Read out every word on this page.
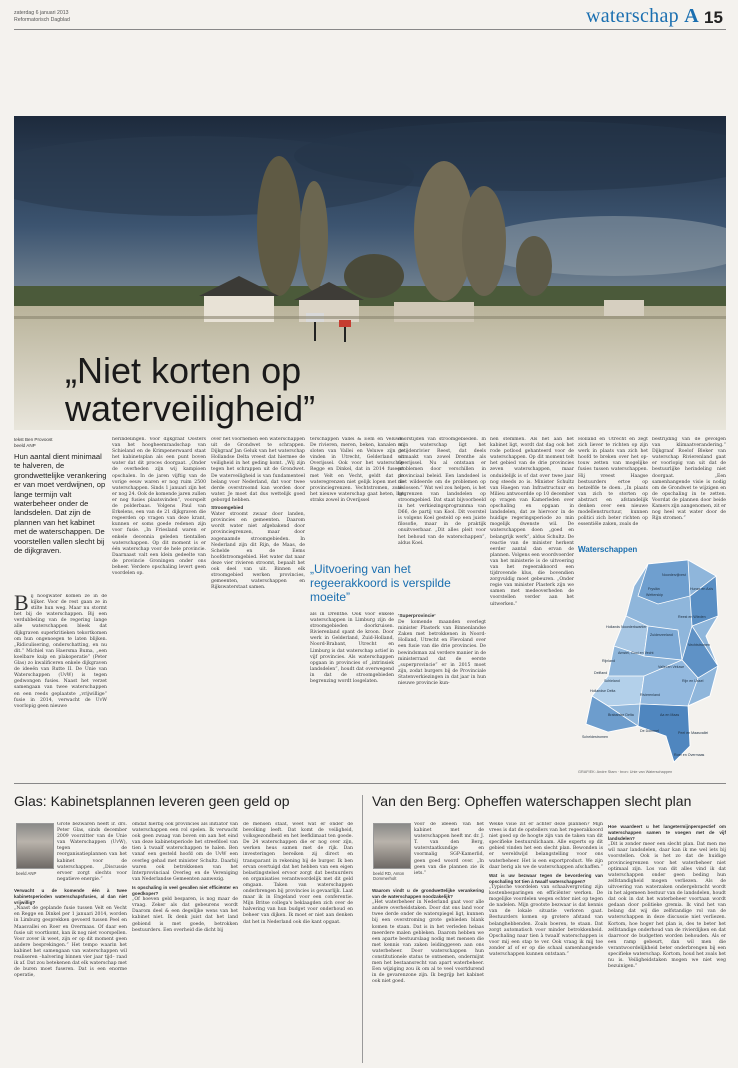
zaterdag 6 januari 2013
Reformatorisch Dagblad	waterschap A 15
„Niet korten op
waterveiligheid”
tekst Ben Provoost
beeld ANP
Hun aantal dient minimaal te halveren, de grondwettelijke verankering er van moet verdwijnen, op lange termijn valt waterbeheer onder de landsdelen. Dat zijn de plannen van het kabinet met de waterschappen. De voorstellen vallen slecht bij de dijkgraven.
Bij hoogwater komen ze in de kijker. Voor de rest gaan ze in stilte hun weg. Maar nu stormt het bij de waterschappen. Bij een verdubbeling van de regering lange alle waterschappen bleek dat dijkgraven superkritieken tekortkomen om hun ongenoegen te laten blijken. „Ridiculisering, onderschatting, en nu dit.” Michiel van Haersma Buma, „een koelbare kuip en plakoperatie” (Peter Glas) zo kwalificeren enkele dijkgraven de ideeën van Rutte II. De Unie van Waterschappen (UvW) is tegen gedwongen fusies. Naast het verzet samengaan van twee waterschappen en een reeds geplaatste „vrijwillige” fusie in 2014, verwacht de UvW voorlopig geen nieuwe
herindelingen. Voor dijkgraaf Oosters van het hoogheemraadschap van Schieland en de Krimpenerwaard staat het kabinetsplan als een punt boven water dat dit proces doorgaat. „Onder de overheden zijn wij kampioen opschalen. In de jaren vijftig van de vorige eeuw waren er nog ruim 2500 waterschappen. Sinds 1 januari zijn het er nog 24. Ook de komende jaren zullen er nog fusies plaatsvinden”, voorspelt de polderbaas. Volgens Paul van Erkelens, een van de 21 dijkgraven die regeerden op vragen van deze krant, kunnen er soms goede redenen zijn voor fusie. „In Friesland waren er enkele decennia geleden tientallen waterschappen. Op dit moment is er één waterschap voor de hele provincie. Daarnaast valt een klein gedeelte van de provincie Groningen onder ons beheer. Verdere opschaling levert geen voordelen op.
over het voornemen een waterschappen uit de Grondwet te schrappen. Dijkgraaf Jan Geluk van het waterschap Hollandse Delta vreest dat hiermee de veiligheid in het geding komt. „Wij zijn tegen het schrappen uit de Grondwet. De waterveiligheid is van fundamenteel belang voor Nederland, dat voor twee derde overstroomd kan worden door water. Je moet dat dus wettelijk goed geborgd hebben.
Stroomgebied
Water stroomt zwaar door landen, provincies en gemeenten. Daarom wordt water niet afgebakend door provinciegrenzen, maar door zogenaamde stroomgebieden. In Nederland zijn dit Rijn, de Maas, de Schelde en de Eems hoofdstroomgebied. Het water dat naar deze vier rivieren stroomt, bepaalt het ook deel van uit. Binnen elk stroomgebied werken provincies, gemeenten, waterschappen en Rijkswaterstaat samen.
terschappen Vallei & Eem en Veluwe. De rivieren, meren, beken, kanalen en sloten van Vallei en Veluwe zijn te vinden in Utrecht, Gelderland en Overijssel. Ook voor het waterschap Regge en Dinkel, dat in 2014 fuseert met Velt en Vecht, geldt dat de wateregrenzen niet gelijk lopen met de provinciegrenzen. Vechtstromen, zoals het nieuwe waterschap gaat heten, ligt straks zowel in Overijssel
„Uitvoering van het regeerakkoord is verspilde moeite”
als in Drenthe. Ook voor enkele waterschappen in Limburg zijn de stroomgebieden doorkruisen. Rivierenland spant de kroon. Door werk in Gelderland, Zuid-Holland, Noord-Brabant, Utrecht en Limburg is dat waterschap actief in vijf provincies. Als waterschappen opgaan in provincies of „intrinsiek landsdelen”, houdt dat overwegend in dat de stroomgebieden begrenzing wordt losgelaten.
doorstijden van stroomgebieden. In mijn waterschap ligt het getijdenrivier Reest, dat deels uitmaakt van zowel Drenthe als Overijssel. Nu al ontstaan er problemen door verschillen in provinciaal beleid. Een landsdeel is niet wildeerde om de problemen op te lossen.” Wat wel zou helpen, is het begrenzen van landsdelen op stroomgebied. Dat staat bijvoorbeeld in het verkiezingsprogramma van D66, de partij van Kool. Dit voorstel is volgens Koel gesteld op een juiste filosofie, maar in de praktijk onuitvoerbaar. „Dit alles pleit voor het behoud van de waterschappen”, aldus Koel.
‘Superprovincie’
De komende maanden overlegt minister Plasterk van Binnenlandse Zaken met betrokkenen in Noord-Holland, Utrecht en Flevoland over een fusie van die drie provincies. De bewindsman zal verdere manier in de ministerraad dat de eerste „superprovincie” er in 2015 moet zijn, zodat burgers bij de Provinciale Statenverkiezingen in dat jaar in hun nieuwe provincie kun-
nen stemmen. Als het aan het kabinet ligt, wordt dat dag ook het rode potlood gehanteerd voor de waterschappen. Op dit moment telt het gebied van de drie provincies zeven waterschappen, maar onduidelijk is of dat over twee jaar nog steeds zo is. Minister Schultz van Haegen van Infrastructuur en Milieu antwoordde op 10 december op vragen van Kamerleden over opschaling en opgaan in landsdelen, dat ze hiervoor in de huidige regeringsperiode zo min mogelijk dwenste wil. De waterschappen doen „goed en belangrijk werk”, aldus Schultz. De reactie van de minister herkent eerder aantal dan ervan de plannen. Volgens een woordvoerder van het ministerie is de uitvoering van het regeerakkoord een tijdrovende klus, die bovendien zorgvuldig moet gebeuren. „Onder regie van minister Plasterk zijn we samen met medeoverheden de voorstellen verder aan het uitwerken.”
Holland en Utrecht en zegt zich liever te richten op zijn werk in plaats van zich het hoofd te breken over het op-touw zetten van mogelijke fusies tussen waterschappen. Hij vreest Haagse bestuurders ertoe op hetzelfde te doen. „In plaats van zich te storten op abstract en afstandelijk denken over een nieuwe modellenstructuur, kunnen politici zich beter richten op essentiële zaken, zoals de
bestrijding van de gevolgen van klimaatverandering.” Dijkgraaf Roelof Bleker van waterschap Rivierenland gaat er voorlopig van uit dat de bestuurlijke herindeling niet doorgaat. „Een samenhangende visie is nodig om de Grondwet te wijzigen en de opschaling in te zetten. Voordat de plannen door beide Kamers zijn aangenomen, zit er nog heel wat water door de Rijn stromen.”
Waterschappen
Noorderzijlvest
Hunze en Aa's
Fryslân
Wetterskip
Hollands Noorderkwartier
Reest en Wieden
Amstel, Gooi en Vecht
Rijnland
Vechtstromen
Zuiderzeeland
Delfland
Vallei en Veluwe
Schieland	Rijn en IJssel
Hollandse Delta
Rivierenland
Brabantse Delta	Aa en Maas
Scheldestromen
De Dommel
Roer en Overmaas
Peel en Maasvallei
GRAFIEK: Andre Stam · bron: Unie van Waterschappen
Glas: Kabinetsplannen leveren geen geld op
beeld ANP
Grote bezwaren heeft ir. drs. Peter Glas, sinds december 2009 voorzitter van de Unie van Waterschappen (UvW), tegen de reorganisatieplannen van het kabinet voor de waterschappen. „Discussie ervoer zorgt slechts voor negatieve energie.”
Verwacht u de komende één à twee kabinetsperioden waterschapsfusies, al dan niet vrijwillig?
„Naast de geplande fusie tussen Velt en Vecht en Regge en Dinkel per 1 januari 2014, worden in Limburg gesprekken gevoerd tussen Peel en Maasvallei en Roer en Overmaas. Of daar een fusie uit voortkomt, kan ik nog niet voorspellen. Voor zover ik weet, zijn er op dit moment geen andere besprekingen.” Het tempo waarin het kabinet het samengaan van waterschappen wil realiseren –halvering binnen vier jaar tijd– raad ik af. Dat zou betekenen dat elk waterschap met de buren moet fuseren. Dat is een enorme operatie,
omdat hierbij ook provincies als initiator van waterschappen een rol spelen. Ik verwacht ook geen zwaag van boven om aan het eind van deze kabinetsperiode het streefdoel van tien à twaalf waterschappen te halen. Ben vanaf een gesteld hoofd om de UvW een overleg gehad met minister Schultz. Daarbij waren ook betrokkenen van het Interprovinciaal Overleg en de Vereniging van Nederlandse Gemeenten aanwezig.
Is opschaling in veel gevallen niet efficiënter en goedkoper?
„Of hoeven geld besparen, is nog maar de vraag. Zeker als dat gebeurens wordt Daarom deel & een degelijke wens van het kabinet niet. Ik denk juist dat het land gebiend is met goede, betrokken bestuurders. Een overheid die dicht bij
de mensen staat, weet wat er onder de bevolking leeft. Dat komt de veiligheid, volksgezondheid en het leefklimaat ten goede. De 24 waterschappen die er nog over zijn, werken heus samen met de rijk. Dan investeringen bereiken zij direct en transparant in rekening bij de burger. Ik ben ervan overtuigd dat het hebben van een eigen belastingstelsel ervoor zorgt dat bestuurders en organisaties verantwoordelijk met dit geld omgaan. Taken van waterschappen onderbrengen bij provincies is gevaarlijk. Laat maar ik in Engeland voor een conferentie. Mijn Britse collega's beklaagden zich over de halvering van hun budget voor onderhoud en beheer van dijken. Ik moet er niet aan denken dat het in Nederland ook die kant opgaat.
Van den Berg: Opheffen waterschappen slecht plan
beeld RD, Anton Dommerholt
Voor de ideeën van het kabinet met de waterschappen heeft mr. dr. J. T. van den Berg, waterstaatkundige en voormalig SGP-Kamerlid, geen goed woord over. „In geen van die plannen zie ik iets.”
Waarom vindt u de grondwettelijke verankering van de waterschappen noodzakelijk?
„Het waterbeheer in Nederland gaat voor alle andere overheidstaken. Door dat ons land voor twee derde onder de waterspiegel ligt, kunnen bij een overstroming grote gebieden blank komen te staan. Dat is in het verleden helaas meerdere malen gebleken. Daarom hebben we een aparte bestuurslaag nodig met mensen die met kennis van zaken leidinggeven aan ons waterbeheer. Door waterschappen hun constitutionele status te ontnemen, ondermijnt men het bestaansrecht van apart waterbeheer. Een wijziging zou ik om al te veel voortdurend in de gevarenzone zijn. Ik begrijp het kabinet ook niet goed.
Welke visie zit er achter deze plannen? Mijn vrees is dat de opstellers van het regeerakkoord niet goed op de hoogte zijn van de taken van dit specifieke bestuurslichaam. Alle experts op dit gebied vinden het een slecht plan. Bewonden is er wereldwijd belangstelling voor ons waterbeheer. Het is een exportproduct. We zijn daar berig als we de waterschappen afschaffen.”
Wat is uw bezwaar tegen de bevordering van opschaling tot tien à twaalf waterschappen?
„Typische voordelen van schaalvergroting zijn kostenbesparingen en efficiënter werken. De mogelijke voordelen wegen echter niet op tegen de nadelen. Mijn grootste bezwaar is dat kennis van de lokale situatie verloren gaat. Bestuurders komen op grotere afstand van belanghebbenden. Zoals boeren, te staan. Dat zorgt automatisch voor minder betrokkenheid. Opschaling naar tien à twaalf waterschappen is voor mij een stap te ver. Ook vraag ik mij toe zonder af of er op die schaal samenhangende waterschappen kunnen ontstaan.”
Hoe waardeert u het langetermijnperspectief om waterschappen samen te voegen met de vijf landsdelen?
„Dit is zonder meer een slecht plan. Dat men me wil naar landsdelen, daar kan ik me wel iets bij voorstellen. Ook is het zo dat de huidige provinciegrenzen voor het waterbeheer niet optimaal zijn. Los van dit alles vind ik dat waterschappen onder geen beding hun zelfstandigheid mogen verliezen. Als de uitvoering van waterzaken ondergebracht wordt in het algemeen bestuur van de landsdelen, houdt dat ook in dat het waterbeheer voortaan wordt gedaan door politieke gremia. Ik vind het van belang dat wij die zelfstandige rol van de waterschappen in deze discussie niet verliezen. Kortom, hoe hoger het plan is, des te beter het zelfstandige onderhoud van de rivierdijken en dat daarvoor de budgetten worden behouden. Als er een ramp gebeurt, dan wil men die verantwoordelijkheid beter onderbrengen bij een specifieke waterschap. Kortom, houd het zoals het nu is. Veiligheidstaken mogen we niet weg bezuinigen.”
